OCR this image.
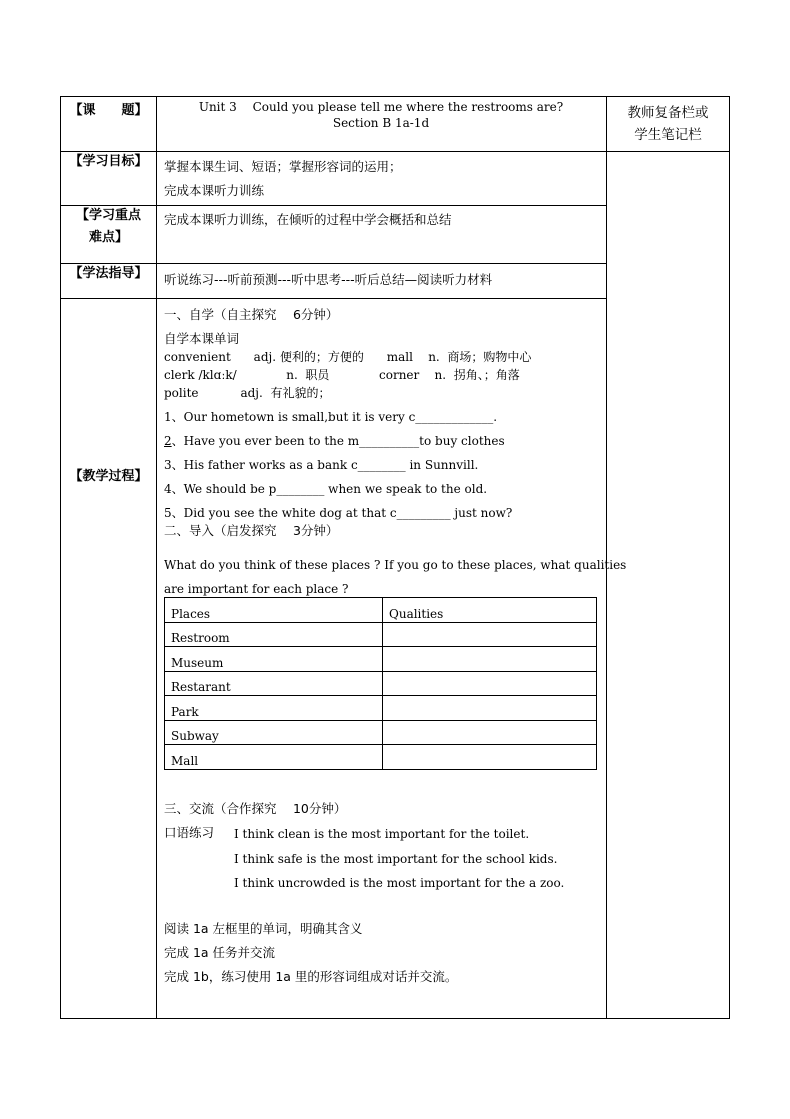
【课　　题】	Unit 3　 Could you please tell me where the restrooms are?
Section B 1a-1d
教师复备栏或
学生笔记栏
【学习目标】	掌握本课生词、短语；掌握形容词的运用；
完成本课听力训练
【学习重点
难点】
完成本课听力训练，在倾听的过程中学会概括和总结
【学法指导】	听说练习---听前预测---听中思考---听后总结—阅读听力材料
【教学过程】
一、自学（自主探究　 6分钟）
自学本课单词
convenient      adj. 便利的；方便的      mall    n.  商场；购物中心
clerk /klɑːk/             n.  职员             corner    n.  拐角、；角落
polite           adj.  有礼貌的；
1、Our hometown is small,but it is very c_____________.
2、Have you ever been to the m__________to buy clothes
3、His father works as a bank c________ in Sunnvill.
4、We should be p________ when we speak to the old.
5、Did you see the white dog at that c_________ just now?
二、导入（启发探究　 3分钟）
What do you think of these places ? If you go to these places, what qualities
are important for each place ?
Places	Qualities
Restroom	
Museum	
Restarant	
Park	
Subway	
Mall	
三、交流（合作探究　 10分钟）
口语练习 I think clean is the most important for the toilet.
I think safe is the most important for the school kids.
I think uncrowded is the most important for the a zoo.
阅读 1a 左框里的单词，明确其含义
完成 1a 任务并交流
完成 1b，练习使用 1a 里的形容词组成对话并交流。
